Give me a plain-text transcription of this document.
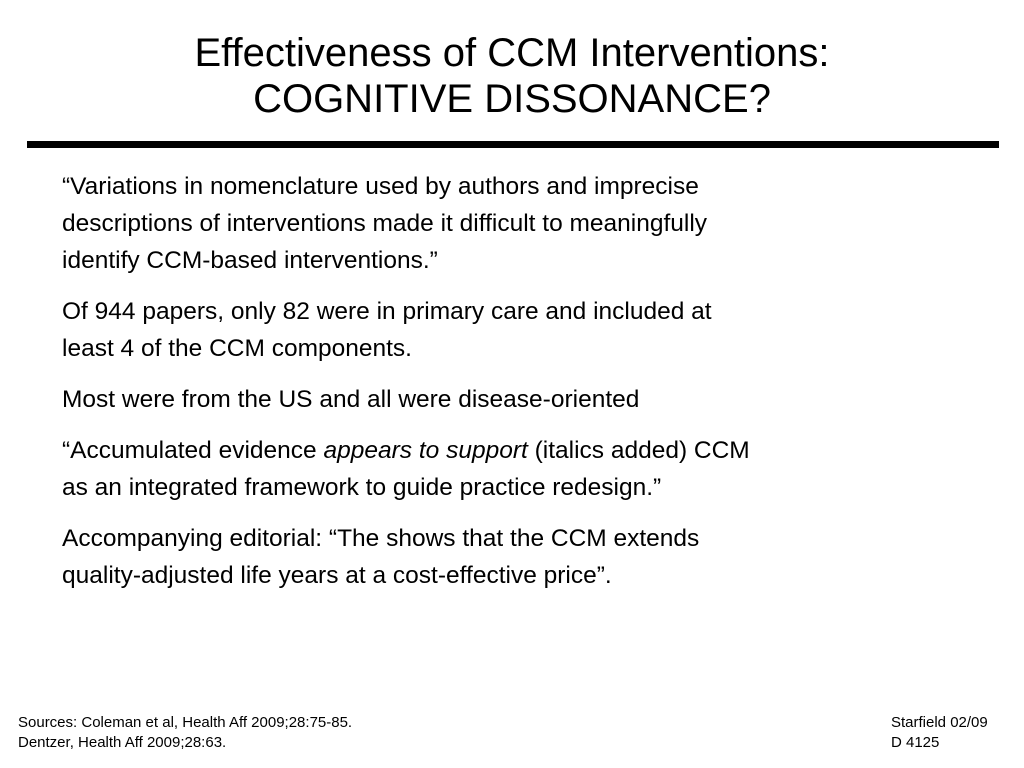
Effectiveness of CCM Interventions:
COGNITIVE DISSONANCE?
“Variations in nomenclature used by authors and imprecise
descriptions of interventions made it difficult to meaningfully
identify CCM-based interventions.”
Of 944 papers, only 82 were in primary care and included at
least 4 of the CCM components.
Most were from the US and all were disease-oriented
“Accumulated evidence appears to support (italics added) CCM
as an integrated framework to guide practice redesign.”
Accompanying editorial: “The shows that the CCM extends
quality-adjusted life years at a cost-effective price”.
Sources: Coleman et al, Health Aff 2009;28:75-85.
Dentzer, Health Aff 2009;28:63.
Starfield 02/09
D 4125
